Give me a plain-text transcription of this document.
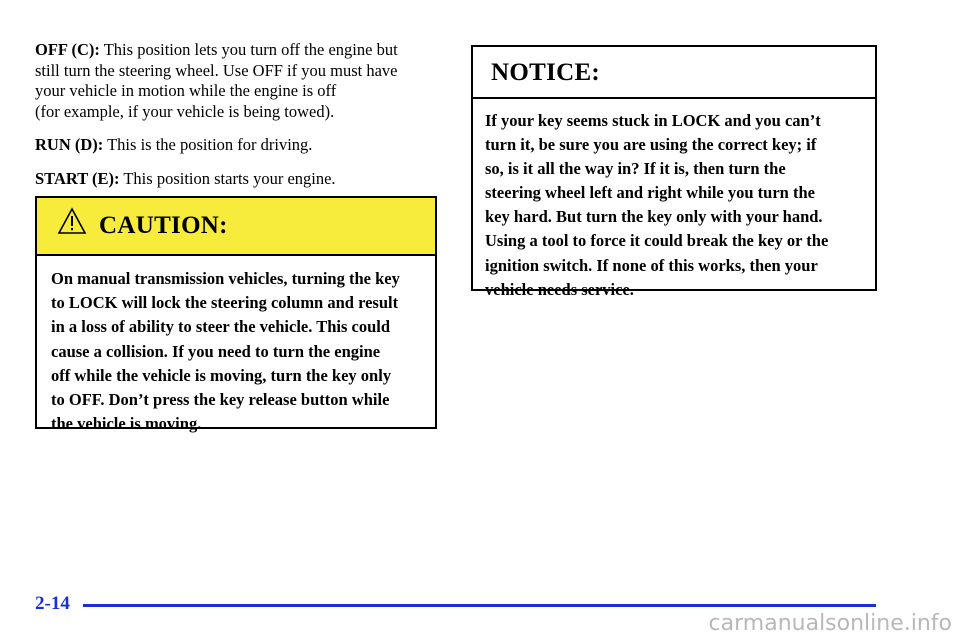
OFF (C): This position lets you turn off the engine but
still turn the steering wheel. Use OFF if you must have
your vehicle in motion while the engine is off
(for example, if your vehicle is being towed).

RUN (D): This is the position for driving.

START (E): This position starts your engine.

CAUTION:
On manual transmission vehicles, turning the key
to LOCK will lock the steering column and result
in a loss of ability to steer the vehicle. This could
cause a collision. If you need to turn the engine
off while the vehicle is moving, turn the key only
to OFF. Don’t press the key release button while
the vehicle is moving.
NOTICE:
If your key seems stuck in LOCK and you can’t
turn it, be sure you are using the correct key; if
so, is it all the way in? If it is, then turn the
steering wheel left and right while you turn the
key hard. But turn the key only with your hand.
Using a tool to force it could break the key or the
ignition switch. If none of this works, then your
vehicle needs service.
2-14
carmanualsonline.info
